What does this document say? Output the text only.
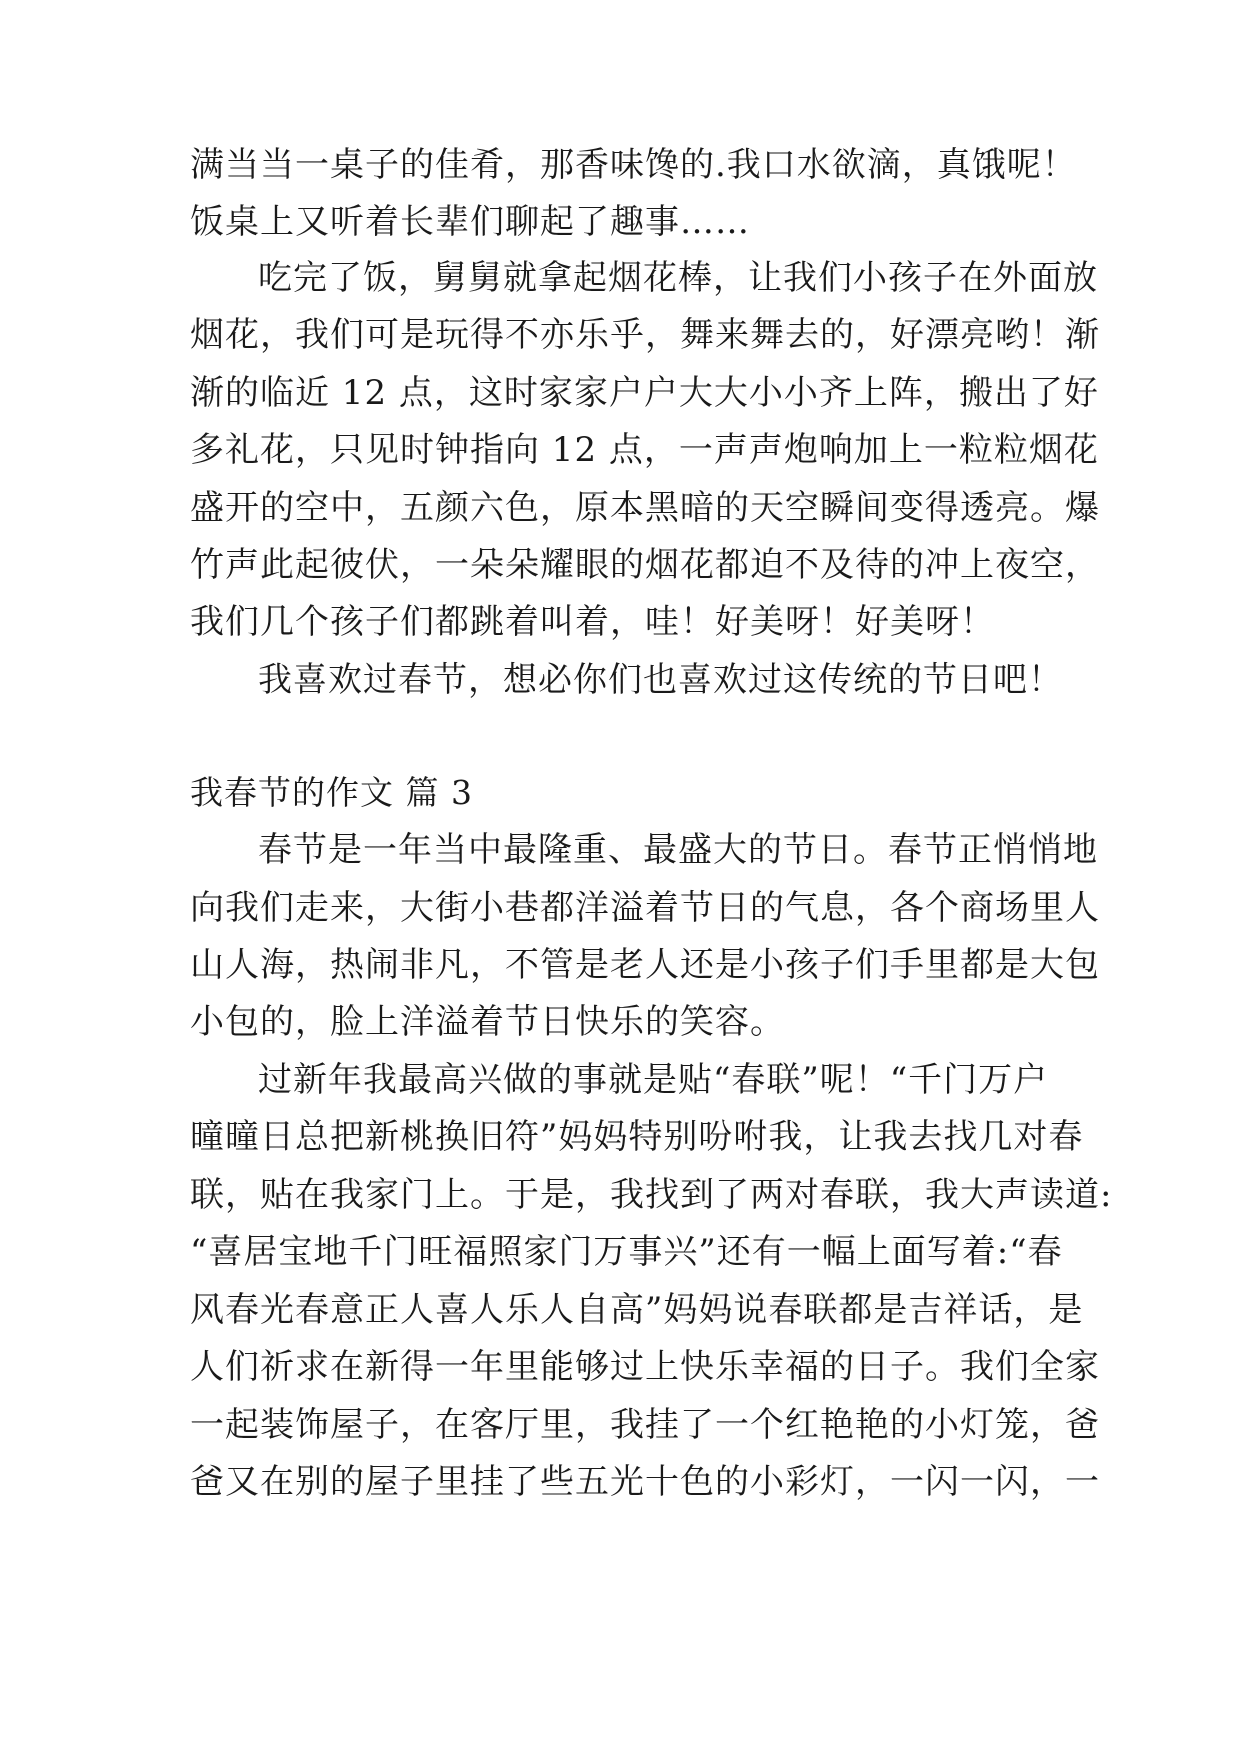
满当当一桌子的佳肴，那香味馋的.我口水欲滴，真饿呢！
饭桌上又听着长辈们聊起了趣事……
吃完了饭，舅舅就拿起烟花棒，让我们小孩子在外面放
烟花，我们可是玩得不亦乐乎，舞来舞去的，好漂亮哟！渐
渐的临近 12 点，这时家家户户大大小小齐上阵，搬出了好
多礼花，只见时钟指向 12 点，一声声炮响加上一粒粒烟花
盛开的空中，五颜六色，原本黑暗的天空瞬间变得透亮。爆
竹声此起彼伏，一朵朵耀眼的烟花都迫不及待的冲上夜空，
我们几个孩子们都跳着叫着，哇！好美呀！好美呀！
我喜欢过春节，想必你们也喜欢过这传统的节日吧！
我春节的作文 篇 3
春节是一年当中最隆重、最盛大的节日。春节正悄悄地
向我们走来，大街小巷都洋溢着节日的气息，各个商场里人
山人海，热闹非凡，不管是老人还是小孩子们手里都是大包
小包的，脸上洋溢着节日快乐的笑容。
过新年我最高兴做的事就是贴“春联”呢！“千门万户
曈曈日总把新桃换旧符”妈妈特别吩咐我，让我去找几对春
联，贴在我家门上。于是，我找到了两对春联，我大声读道:
“喜居宝地千门旺福照家门万事兴”还有一幅上面写着:“春
风春光春意正人喜人乐人自高”妈妈说春联都是吉祥话，是
人们祈求在新得一年里能够过上快乐幸福的日子。我们全家
一起装饰屋子，在客厅里，我挂了一个红艳艳的小灯笼，爸
爸又在别的屋子里挂了些五光十色的小彩灯，一闪一闪，一
